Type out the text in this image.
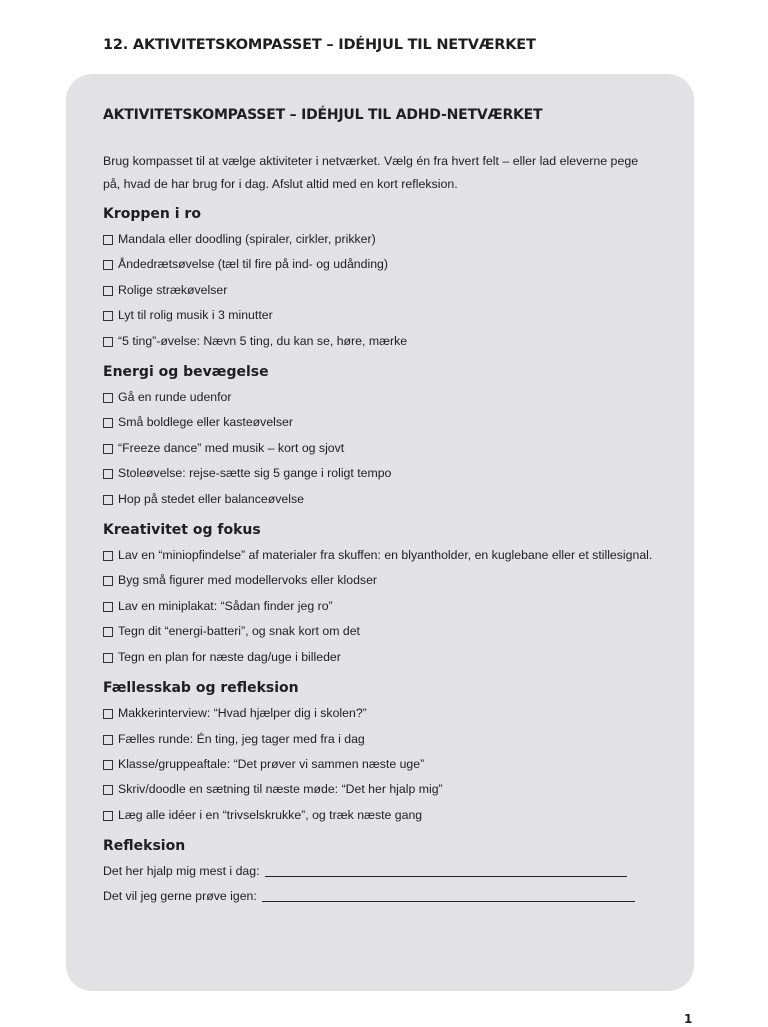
12. AKTIVITETSKOMPASSET – IDÉHJUL TIL NETVÆRKET
AKTIVITETSKOMPASSET – IDÉHJUL TIL ADHD-NETVÆRKET

Brug kompasset til at vælge aktiviteter i netværket. Vælg én fra hvert felt – eller lad eleverne pege på, hvad de har brug for i dag. Afslut altid med en kort refleksion.

Kroppen i ro
Mandala eller doodling (spiraler, cirkler, prikker)
Åndedrætsøvelse (tæl til fire på ind- og udånding)
Rolige strækøvelser
Lyt til rolig musik i 3 minutter
“5 ting”-øvelse: Nævn 5 ting, du kan se, høre, mærke
Energi og bevægelse
Gå en runde udenfor
Små boldlege eller kasteøvelser
“Freeze dance” med musik – kort og sjovt
Stoleøvelse: rejse-sætte sig 5 gange i roligt tempo
Hop på stedet eller balanceøvelse
Kreativitet og fokus
Lav en “miniopfindelse” af materialer fra skuffen: en blyantholder, en kuglebane eller et stillesignal.
Byg små figurer med modellervoks eller klodser
Lav en miniplakat: “Sådan finder jeg ro”
Tegn dit “energi-batteri”, og snak kort om det
Tegn en plan for næste dag/uge i billeder
Fællesskab og refleksion
Makkerinterview: “Hvad hjælper dig i skolen?”
Fælles runde: Én ting, jeg tager med fra i dag
Klasse/gruppeaftale: “Det prøver vi sammen næste uge”
Skriv/doodle en sætning til næste møde: “Det her hjalp mig”
Læg alle idéer i en “trivselskrukke”, og træk næste gang
Refleksion
Det her hjalp mig mest i dag:
Det vil jeg gerne prøve igen:
1
